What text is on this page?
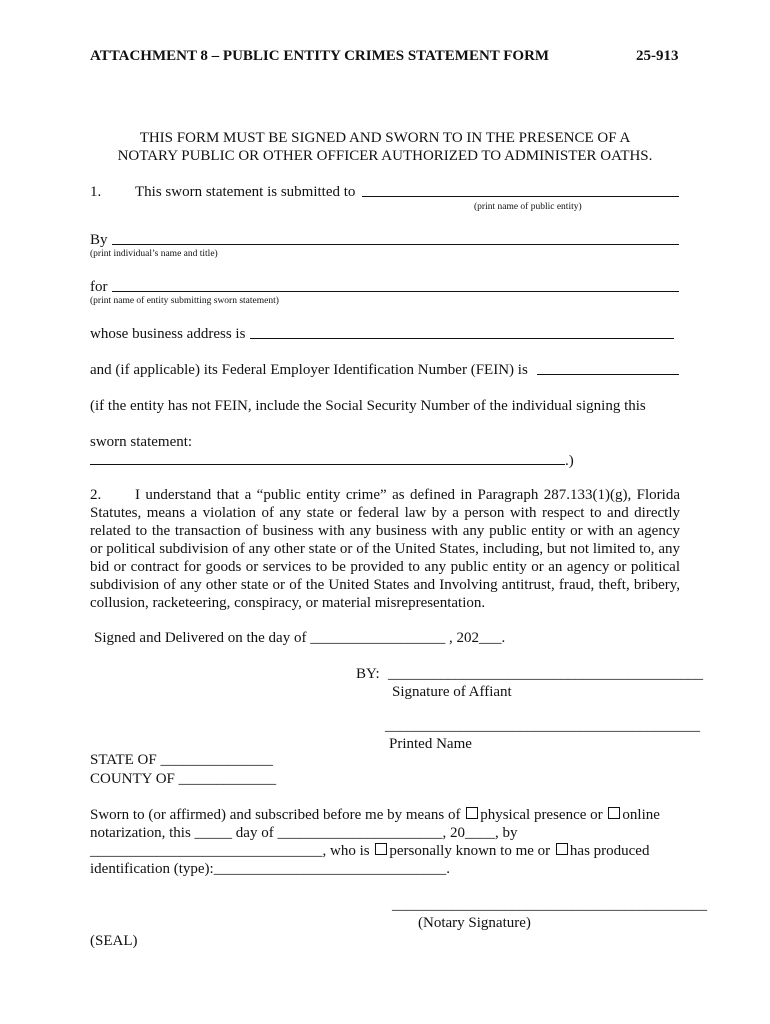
ATTACHMENT 8 – PUBLIC ENTITY CRIMES STATEMENT FORM	25-913
THIS FORM MUST BE SIGNED AND SWORN TO IN THE PRESENCE OF A
NOTARY PUBLIC OR OTHER OFFICER AUTHORIZED TO ADMINISTER OATHS.
1. This sworn statement is submitted to
(print name of public entity)
By
(print individual’s name and title)
for
(print name of entity submitting sworn statement)
whose business address is
and (if applicable) its Federal Employer Identification Number (FEIN) is
(if the entity has not FEIN, include the Social Security Number of the individual signing this
sworn statement:
.)
2. I understand that a “public entity crime” as defined in Paragraph 287.133(1)(g), Florida Statutes, means a violation of any state or federal law by a person with respect to and directly related to the transaction of business with any business with any public entity or with an agency or political subdivision of any other state or of the United States, including, but not limited to, any bid or contract for goods or services to be provided to any public entity or an agency or political subdivision of any other state or of the United States and Involving antitrust, fraud, theft, bribery, collusion, racketeering, conspiracy, or material misrepresentation.
Signed and Delivered on the day of __________________ , 202___.
BY: __________________________________________
Signature of Affiant
__________________________________________
Printed Name
STATE OF _______________
COUNTY OF _____________
Sworn to (or affirmed) and subscribed before me by means of physical presence or online
notarization, this _____ day of ______________________, 20____, by
_______________________________, who is personally known to me or has produced
identification (type):_______________________________.
__________________________________________
(Notary Signature)
(SEAL)
